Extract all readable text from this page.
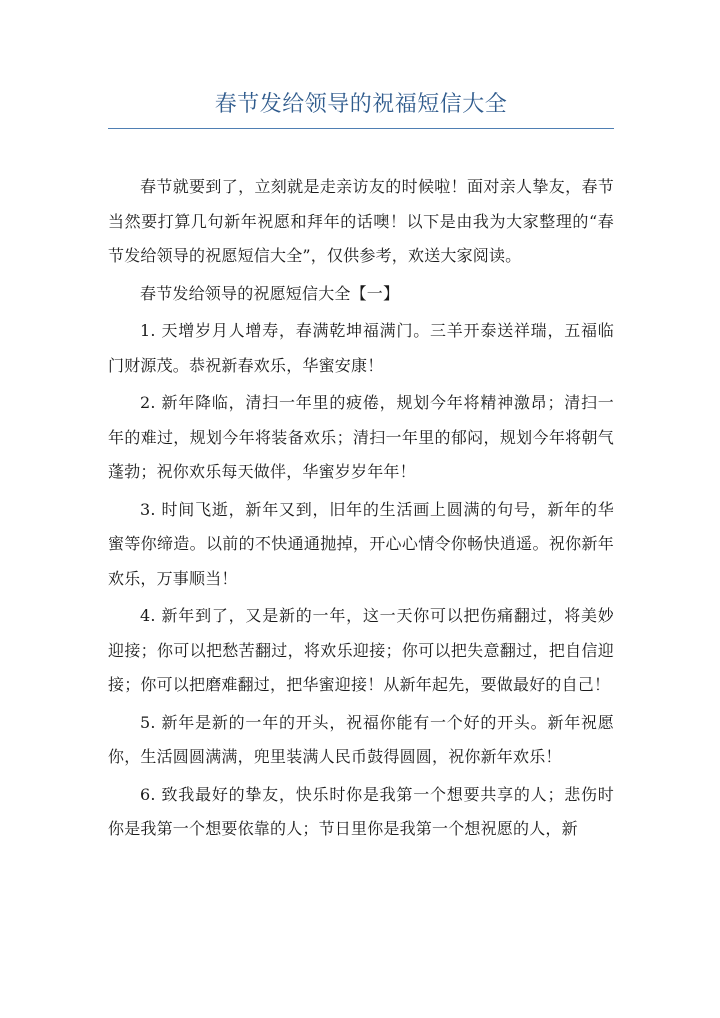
春节发给领导的祝福短信大全

春节就要到了，立刻就是走亲访友的时候啦！面对亲人挚友，春节当然要打算几句新年祝愿和拜年的话噢！以下是由我为大家整理的“春节发给领导的祝愿短信大全”，仅供参考，欢送大家阅读。

春节发给领导的祝愿短信大全【一】

1. 天增岁月人增寿，春满乾坤福满门。三羊开泰送祥瑞，五福临门财源茂。恭祝新春欢乐，华蜜安康！

2. 新年降临，清扫一年里的疲倦，规划今年将精神激昂；清扫一年的难过，规划今年将装备欢乐；清扫一年里的郁闷，规划今年将朝气蓬勃；祝你欢乐每天做伴，华蜜岁岁年年！

3. 时间飞逝，新年又到，旧年的生活画上圆满的句号，新年的华蜜等你缔造。以前的不快通通抛掉，开心心情令你畅快逍遥。祝你新年欢乐，万事顺当！

4. 新年到了，又是新的一年，这一天你可以把伤痛翻过，将美妙迎接；你可以把愁苦翻过，将欢乐迎接；你可以把失意翻过，把自信迎接；你可以把磨难翻过，把华蜜迎接！从新年起先，要做最好的自己！

5. 新年是新的一年的开头，祝福你能有一个好的开头。新年祝愿你，生活圆圆满满，兜里装满人民币鼓得圆圆，祝你新年欢乐！

6. 致我最好的挚友，快乐时你是我第一个想要共享的人；悲伤时你是我第一个想要依靠的人；节日里你是我第一个想祝愿的人，新
